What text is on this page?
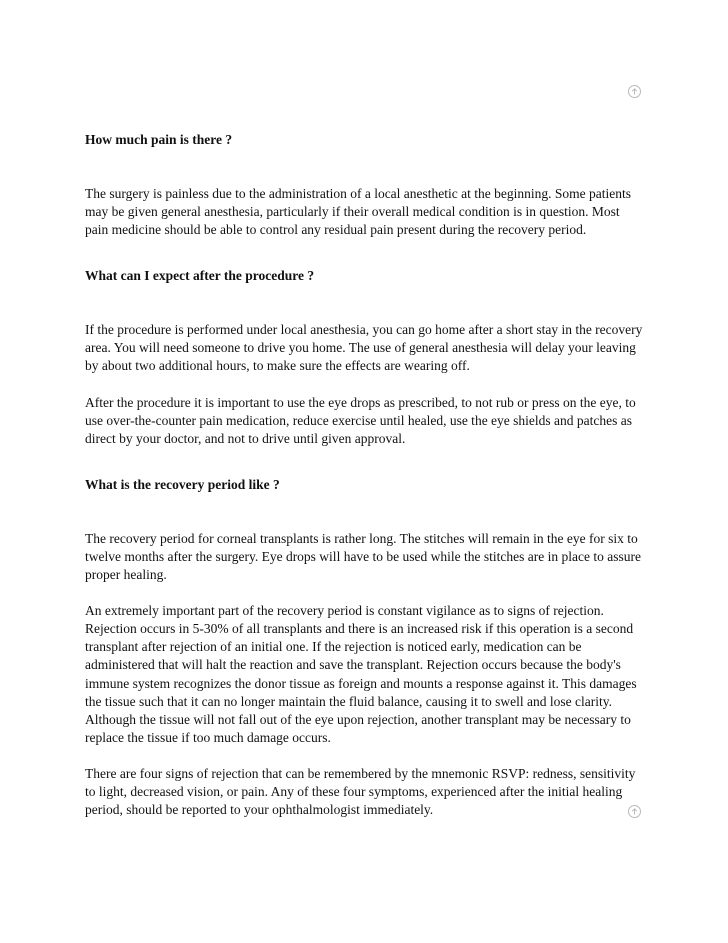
How much pain is there ?

The surgery is painless due to the administration of a local anesthetic at the beginning. Some patients may be given general anesthesia, particularly if their overall medical condition is in question. Most pain medicine should be able to control any residual pain present during the recovery period.

What can I expect after the procedure ?

If the procedure is performed under local anesthesia, you can go home after a short stay in the recovery area. You will need someone to drive you home. The use of general anesthesia will delay your leaving by about two additional hours, to make sure the effects are wearing off.

After the procedure it is important to use the eye drops as prescribed, to not rub or press on the eye, to use over-the-counter pain medication, reduce exercise until healed, use the eye shields and patches as direct by your doctor, and not to drive until given approval.

What is the recovery period like ?

The recovery period for corneal transplants is rather long. The stitches will remain in the eye for six to twelve months after the surgery. Eye drops will have to be used while the stitches are in place to assure proper healing.

An extremely important part of the recovery period is constant vigilance as to signs of rejection. Rejection occurs in 5-30% of all transplants and there is an increased risk if this operation is a second transplant after rejection of an initial one. If the rejection is noticed early, medication can be administered that will halt the reaction and save the transplant. Rejection occurs because the body's immune system recognizes the donor tissue as foreign and mounts a response against it. This damages the tissue such that it can no longer maintain the fluid balance, causing it to swell and lose clarity. Although the tissue will not fall out of the eye upon rejection, another transplant may be necessary to replace the tissue if too much damage occurs.

There are four signs of rejection that can be remembered by the mnemonic RSVP: redness, sensitivity to light, decreased vision, or pain. Any of these four symptoms, experienced after the initial healing period, should be reported to your ophthalmologist immediately.
